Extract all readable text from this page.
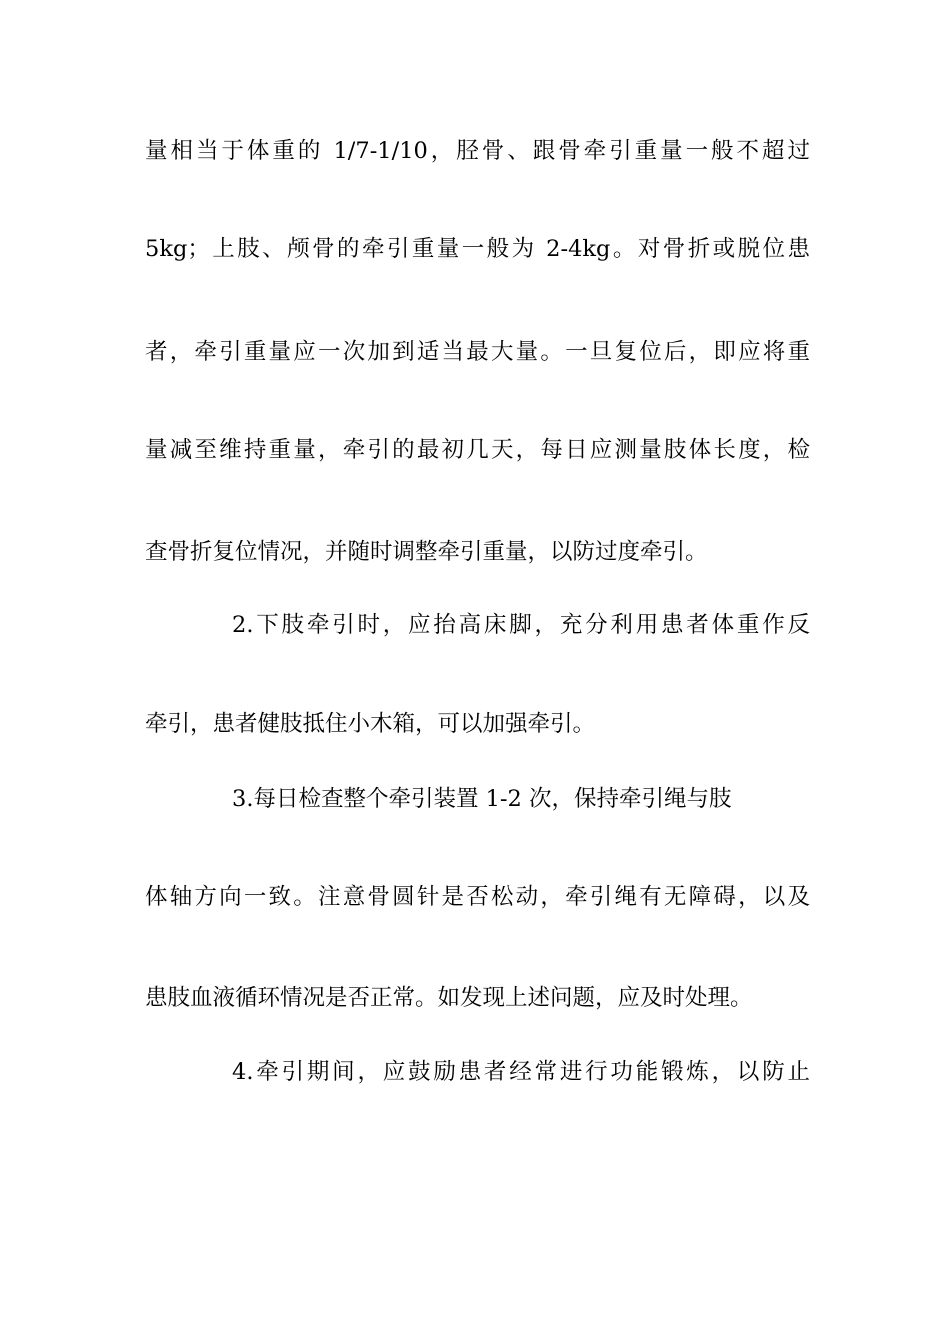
量相当于体重的 1/7-1/10，胫骨、跟骨牵引重量一般不超过
5kg；上肢、颅骨的牵引重量一般为 2-4kg。对骨折或脱位患
者，牵引重量应一次加到适当最大量。一旦复位后，即应将重
量减至维持重量，牵引的最初几天，每日应测量肢体长度，检
查骨折复位情况，并随时调整牵引重量，以防过度牵引。
2.下肢牵引时，应抬高床脚，充分利用患者体重作反
牵引，患者健肢抵住小木箱，可以加强牵引。
3.每日检查整个牵引装置 1-2 次，保持牵引绳与肢
体轴方向一致。注意骨圆针是否松动，牵引绳有无障碍，以及
患肢血液循环情况是否正常。如发现上述问题，应及时处理。
4.牵引期间，应鼓励患者经常进行功能锻炼，以防止
